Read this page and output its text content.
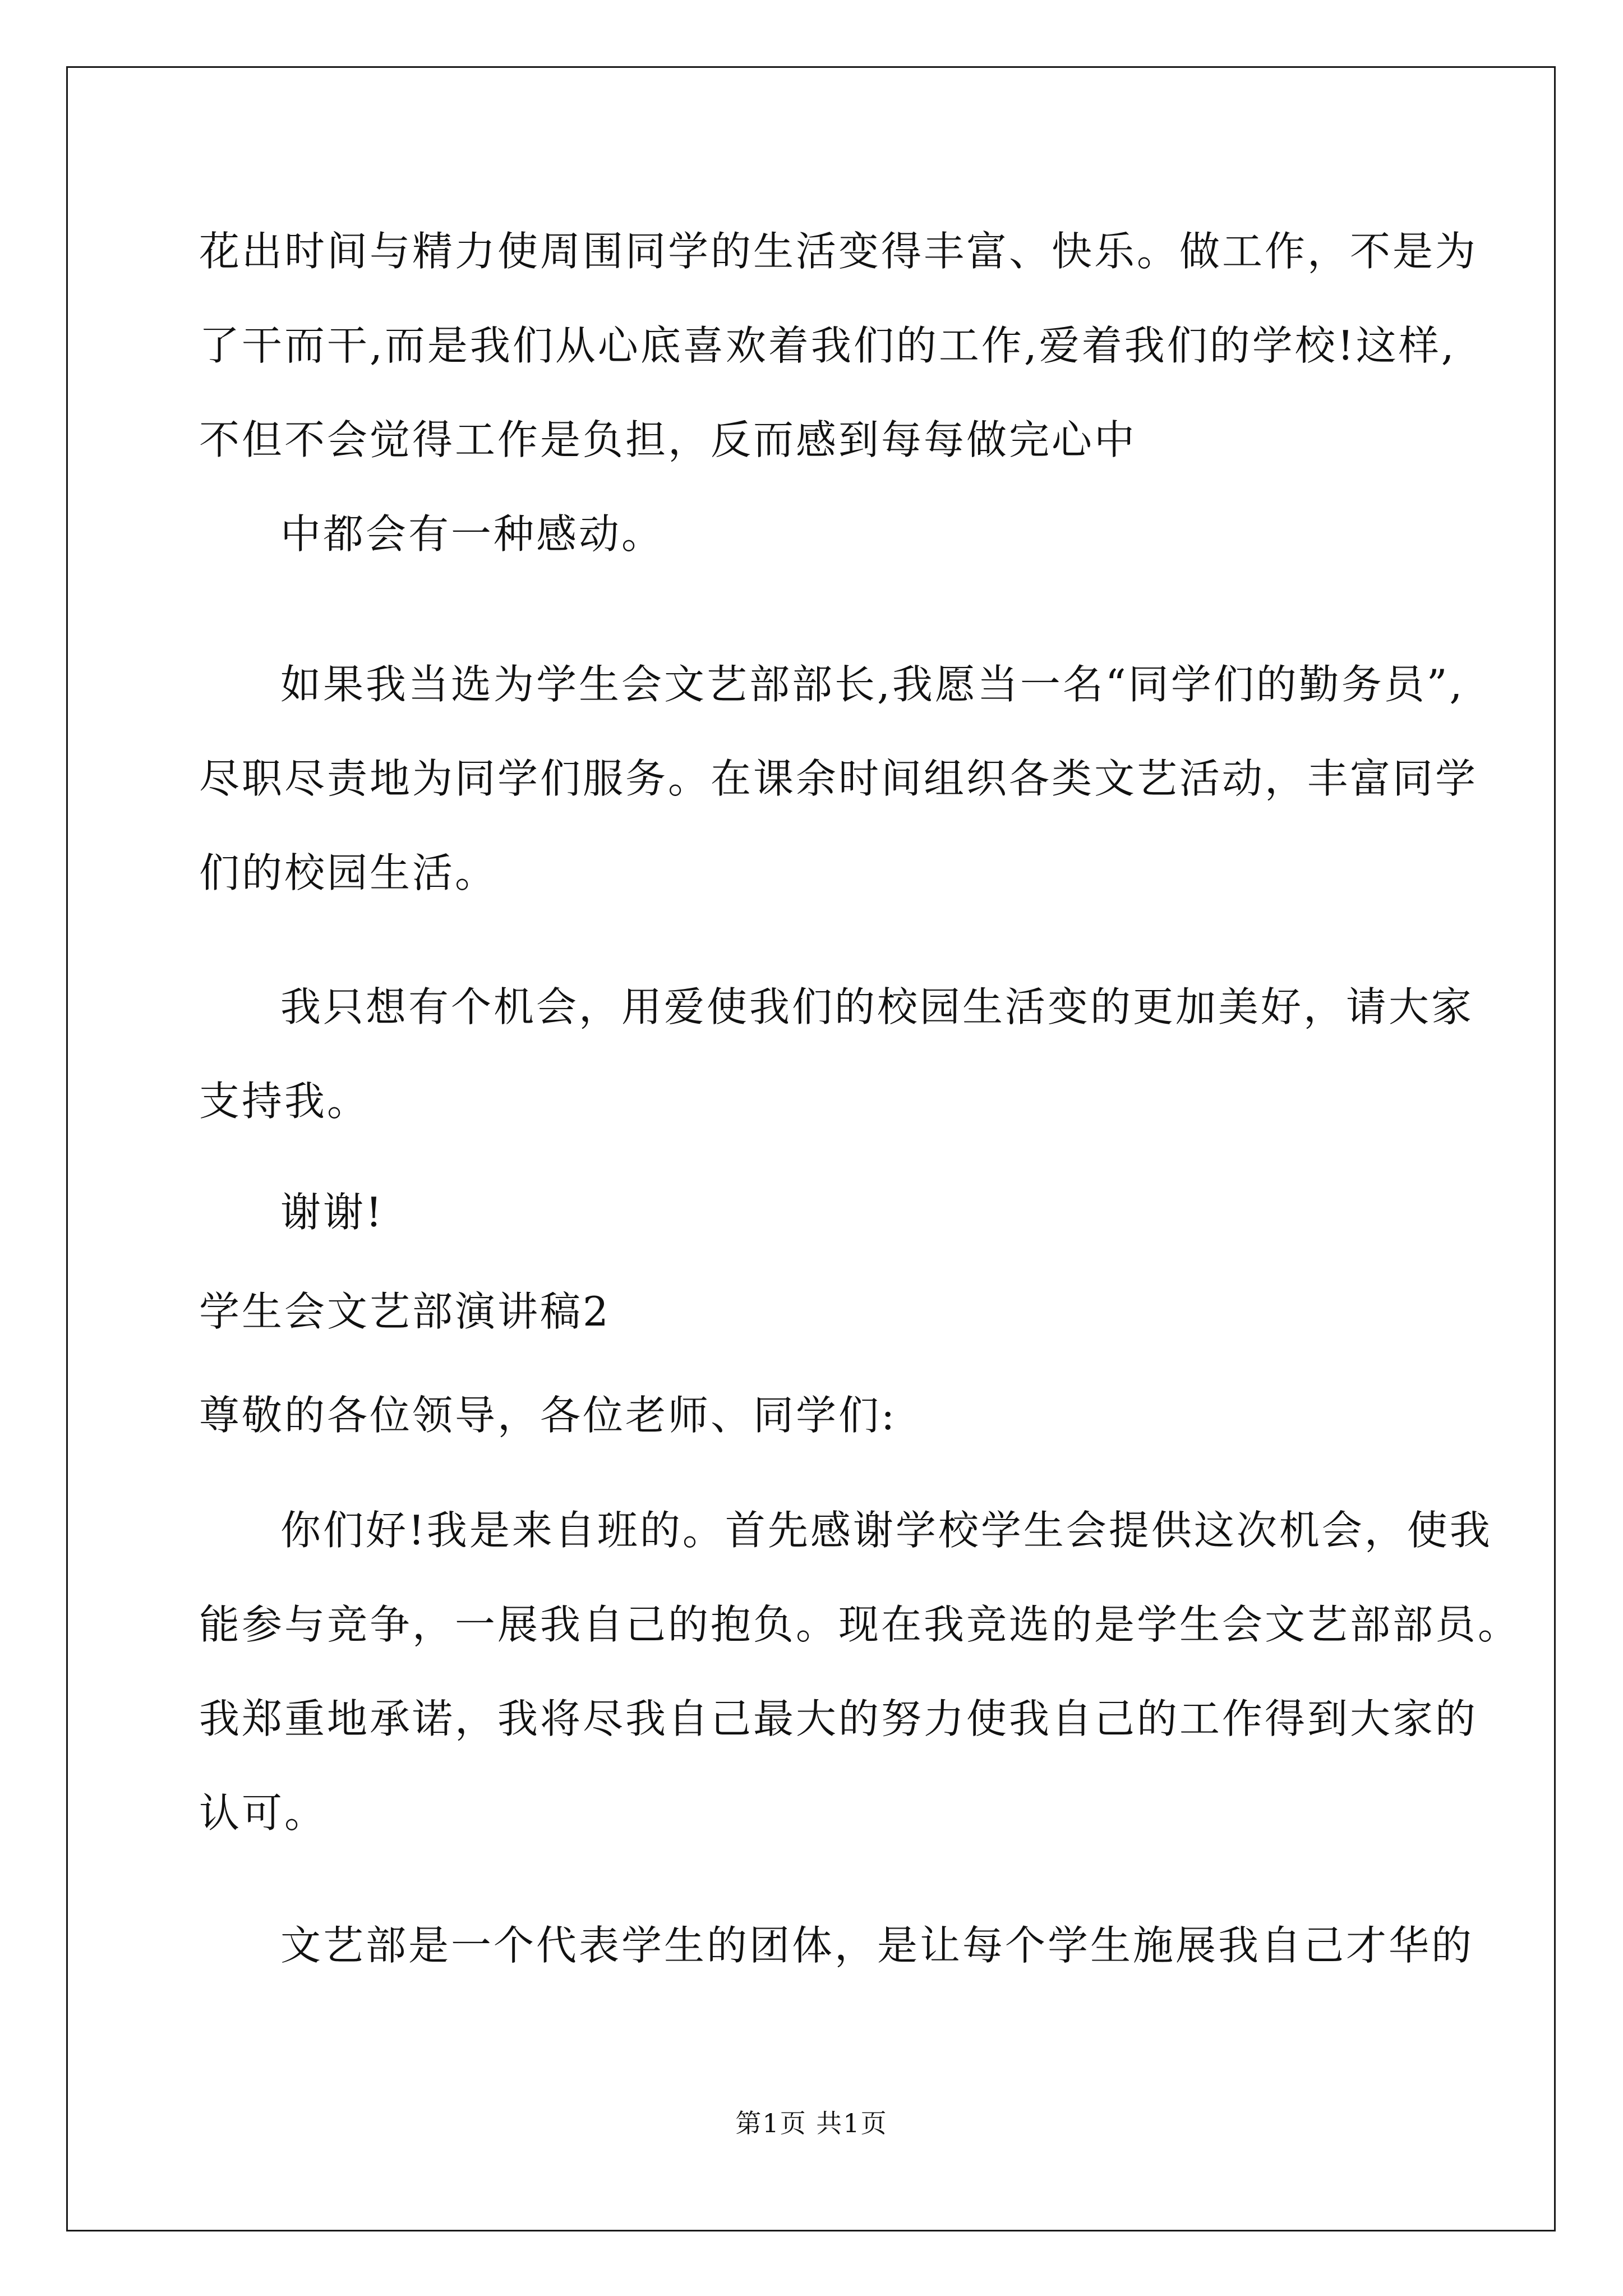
花出时间与精力使周围同学的生活变得丰富、快乐。做工作，不是为
了干而干,而是我们从心底喜欢着我们的工作,爱着我们的学校!这样,
不但不会觉得工作是负担，反而感到每每做完心中
中都会有一种感动。
如果我当选为学生会文艺部部长,我愿当一名“同学们的勤务员”,
尽职尽责地为同学们服务。在课余时间组织各类文艺活动，丰富同学
们的校园生活。
我只想有个机会，用爱使我们的校园生活变的更加美好，请大家
支持我。
谢谢!
学生会文艺部演讲稿2
尊敬的各位领导，各位老师、同学们:
你们好!我是来自班的。首先感谢学校学生会提供这次机会，使我
能参与竞争，一展我自己的抱负。现在我竞选的是学生会文艺部部员。
我郑重地承诺，我将尽我自己最大的努力使我自己的工作得到大家的
认可。
文艺部是一个代表学生的团体，是让每个学生施展我自己才华的
第1页 共1页
